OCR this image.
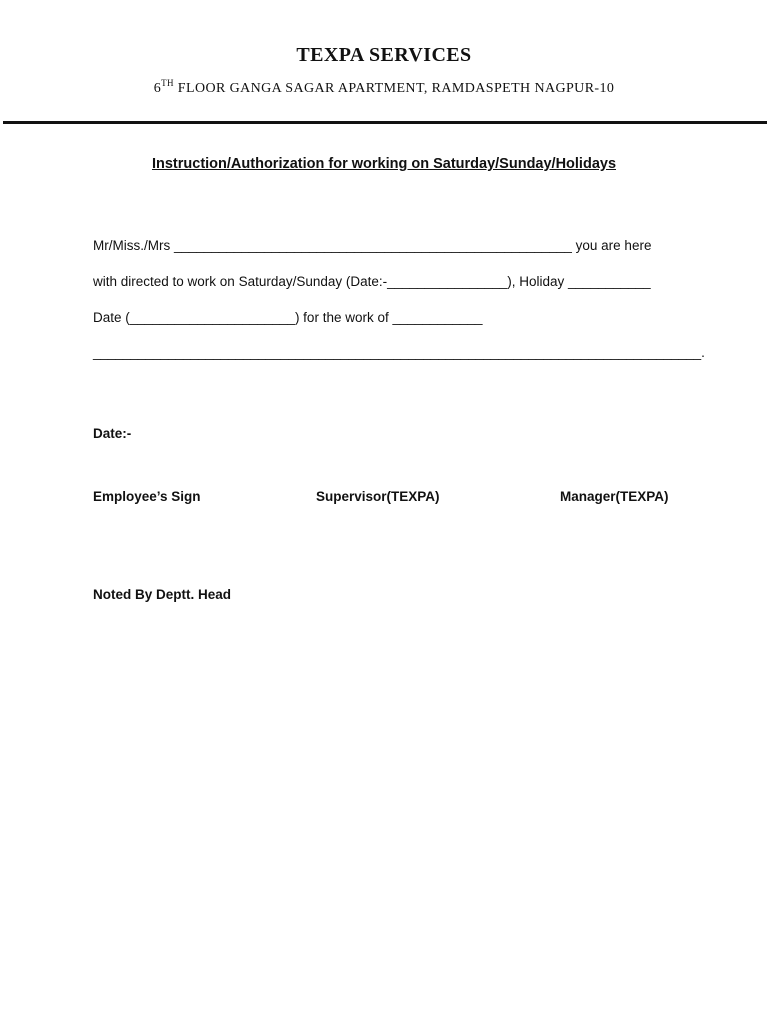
TEXPA SERVICES
6TH FLOOR GANGA SAGAR APARTMENT, RAMDASPETH NAGPUR-10
Instruction/Authorization for working on Saturday/Sunday/Holidays
Mr/Miss./Mrs _____________________________________________________ you are here
with directed to work on Saturday/Sunday (Date:-________________), Holiday ___________
Date (______________________) for the work of ____________
_________________________________________________________________________________.
Date:-
Employee’s Sign	Supervisor(TEXPA)	Manager(TEXPA)
Noted By Deptt. Head
